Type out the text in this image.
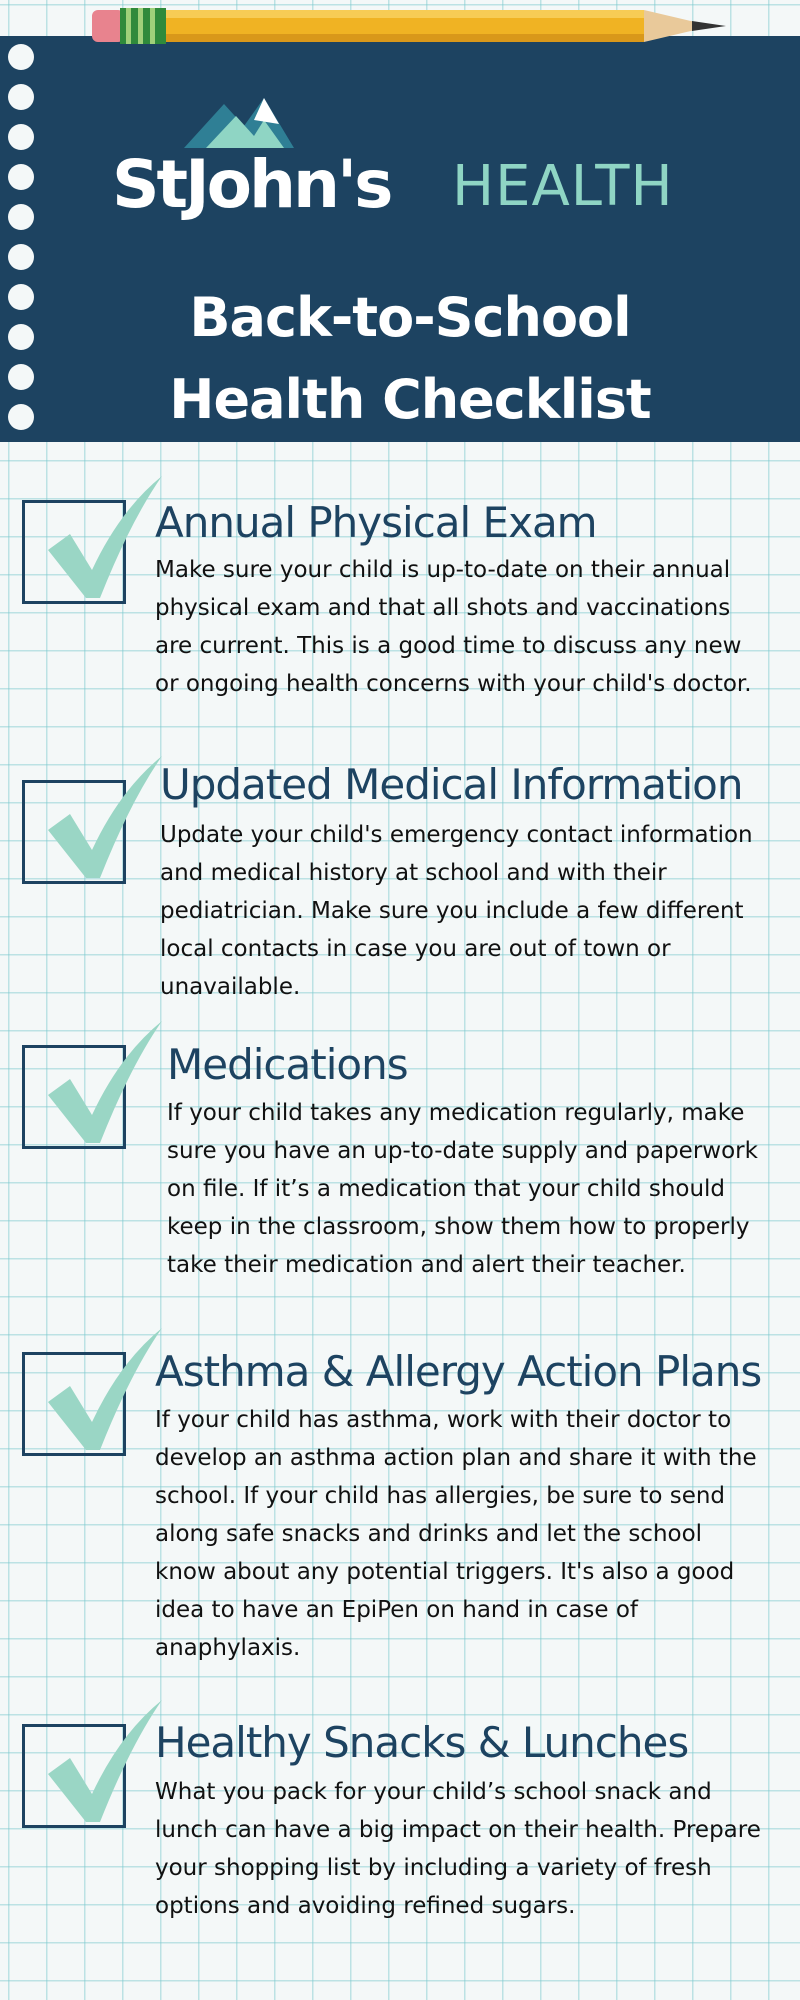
StJohn's HEALTH
Back-to-School
Health Checklist
Annual Physical Exam
Make sure your child is up-to-date on their annual physical exam and that all shots and vaccinations are current. This is a good time to discuss any new or ongoing health concerns with your child's doctor.
Updated Medical Information
Update your child's emergency contact information and medical history at school and with their pediatrician. Make sure you include a few different local contacts in case you are out of town or unavailable.
Medications
If your child takes any medication regularly, make sure you have an up-to-date supply and paperwork on file. If it’s a medication that your child should keep in the classroom, show them how to properly take their medication and alert their teacher.
Asthma & Allergy Action Plans
If your child has asthma, work with their doctor to develop an asthma action plan and share it with the school. If your child has allergies, be sure to send along safe snacks and drinks and let the school know about any potential triggers. It's also a good idea to have an EpiPen on hand in case of anaphylaxis.
Healthy Snacks & Lunches
What you pack for your child’s school snack and lunch can have a big impact on their health. Prepare your shopping list by including a variety of fresh options and avoiding refined sugars.
